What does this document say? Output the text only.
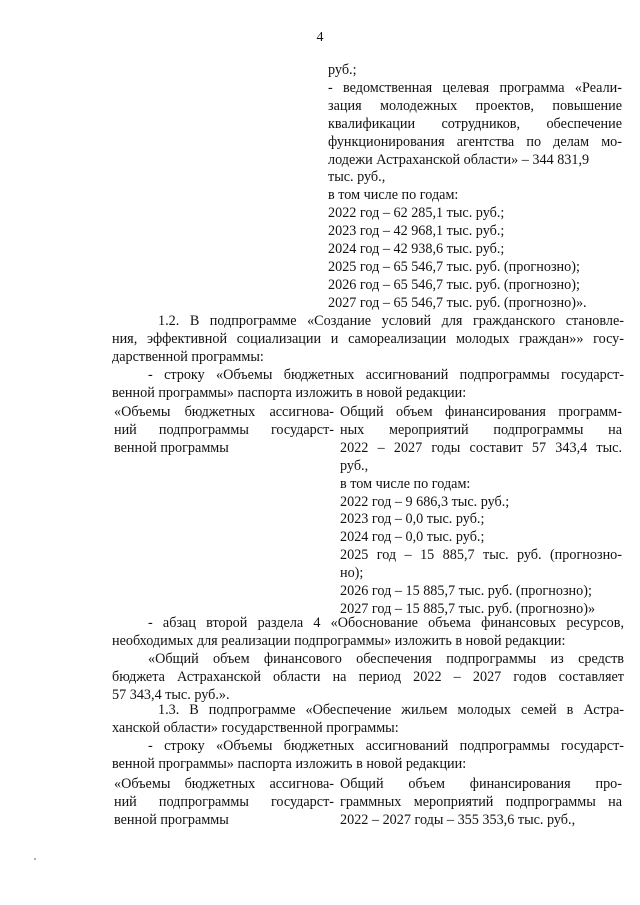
4
руб.;
- ведомственная целевая программа «Реали-
зация молодежных проектов, повышение
квалификации сотрудников, обеспечение
функционирования агентства по делам мо-
лодежи Астраханской области» – 344 831,9
тыс. руб.,
в том числе по годам:
2022 год – 62 285,1 тыс. руб.;
2023 год – 42 968,1 тыс. руб.;
2024 год – 42 938,6 тыс. руб.;
2025 год – 65 546,7 тыс. руб. (прогнозно);
2026 год – 65 546,7 тыс. руб. (прогнозно);
2027 год – 65 546,7 тыс. руб. (прогнозно)».
1.2. В подпрограмме «Создание условий для гражданского становле-
ния, эффективной социализации и самореализации молодых граждан»» госу-
дарственной программы:
- строку «Объемы бюджетных ассигнований подпрограммы государст-
венной программы» паспорта изложить в новой редакции:
«Объемы бюджетных ассигнова-
ний подпрограммы государст-
венной программы
Общий объем финансирования программ-
ных мероприятий подпрограммы на
2022 – 2027 годы составит 57 343,4 тыс.
руб.,
в том числе по годам:
2022 год – 9 686,3 тыс. руб.;
2023 год – 0,0 тыс. руб.;
2024 год – 0,0 тыс. руб.;
2025 год – 15 885,7 тыс. руб. (прогнозно-
но);
2026 год – 15 885,7 тыс. руб. (прогнозно);
2027 год – 15 885,7 тыс. руб. (прогнозно)»
- абзац второй раздела 4 «Обоснование объема финансовых ресурсов,
необходимых для реализации подпрограммы» изложить в новой редакции:
«Общий объем финансового обеспечения подпрограммы из средств
бюджета Астраханской области на период 2022 – 2027 годов составляет
57 343,4 тыс. руб.».
1.3. В подпрограмме «Обеспечение жильем молодых семей в Астра-
ханской области» государственной программы:
- строку «Объемы бюджетных ассигнований подпрограммы государст-
венной программы» паспорта изложить в новой редакции:
«Объемы бюджетных ассигнова-
ний подпрограммы государст-
венной программы
Общий объем финансирования про-
граммных мероприятий подпрограммы на
2022 – 2027 годы – 355 353,6 тыс. руб.,
